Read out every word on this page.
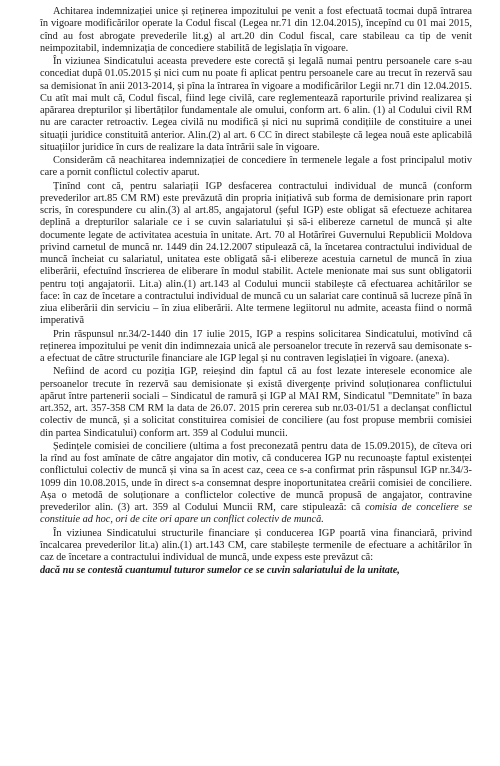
Achitarea indemnizației unice și reținerea impozitului pe venit a fost efectuată tocmai după întrarea în vigoare modificărilor operate la Codul fiscal (Legea nr.71 din 12.04.2015), începînd cu 01 mai 2015, cînd au fost abrogate prevederile lit.g) al art.20 din Codul fiscal, care stabileau ca tip de venit neimpozitabil, indemnizația de concediere stabilită de legislația în vigoare.

În viziunea Sindicatului aceasta prevedere este corectă și legală numai pentru persoanele care s-au concediat după 01.05.2015 și nici cum nu poate fi aplicat pentru persoanele care au trecut în rezervă sau sa demisionat în anii 2013-2014, și pîna la întrarea în vigoare a modificărilor Legii nr.71 din 12.04.2015. Cu atît mai mult că, Codul fiscal, fiind lege civilă, care reglementează raporturile privind realizarea și apărarea drepturilor și libertăților fundamentale ale omului, conform art. 6 alin. (1) al Codului civil RM nu are caracter retroactiv. Legea civilă nu modifică și nici nu suprimă condițiile de constituire a unei situații juridice constituită anterior. Alin.(2) al art. 6 CC în direct stabilește că legea nouă este aplicabilă situațiilor juridice în curs de realizare la data întrării sale în vigoare.

Considerăm că neachitarea indemnizației de concediere în termenele legale a fost principalul motiv care a pornit conflictul colectiv aparut.

Ținînd cont că, pentru salariații IGP desfacerea contractului individual de muncă (conform prevederilor art.85 CM RM) este prevăzută din propria inițiativă sub forma de demisionare prin raport scris, în corespundere cu alin.(3) al art.85, angajatorul (șeful IGP) este obligat să efectueze achitarea deplină a drepturilor salariale ce i se cuvin salariatului și să-i elibereze carnetul de muncă și alte documente legate de activitatea acestuia în unitate. Art. 70 al Hotărîrei Guvernului Republicii Moldova privind carnetul de muncă nr. 1449 din 24.12.2007 stipulează că, la încetarea contractului individual de muncă încheiat cu salariatul, unitatea este obligată să-i elibereze acestuia carnetul de muncă în ziua eliberării, efectuînd înscrierea de eliberare în modul stabilit. Actele menionate mai sus sunt obligatorii pentru toți angajatorii. Lit.a) alin.(1) art.143 al Codului muncii stabilește că efectuarea achitărilor se face: în caz de încetare a contractului individual de muncă cu un salariat care continuă să lucreze pînă în ziua eliberării din serviciu – în ziua eliberării. Alte termene legiitorul nu admite, aceasta fiind o normă imperativă

Prin răspunsul nr.34/2-1440 din 17 iulie 2015, IGP a respins solicitarea Sindicatului, motivînd că reținerea impozitului pe venit din indimnezaia unică ale persoanelor trecute în rezervă sau demisonate s-a efectuat de către structurile financiare ale IGP legal și nu contraven legislației în vigoare. (anexa).

Nefiind de acord cu poziția IGP, reieșind din faptul că au fost lezate interesele economice ale persoanelor trecute în rezervă sau demisionate și există divergențe privind soluționarea conflictului apărut între partenerii sociali – Sindicatul de ramură și IGP al MAI RM, Sindicatul "Demnitate" în baza art.352, art. 357-358 CM RM la data de 26.07. 2015 prin cererea sub nr.03-01/51 a declanșat conflictul colectiv de muncă, și a solicitat constituirea comisiei de conciliere (au fost propuse membrii comisiei din partea Sindicatului) conform art. 359 al Codului muncii.

Ședințele comisiei de conciliere (ultima a fost preconezată pentru data de 15.09.2015), de cîteva ori la rînd au fost amînate de către angajator din motiv, că conducerea IGP nu recunoaște faptul existenței conflictului colectiv de muncă și vina sa în acest caz, ceea ce s-a confirmat prin răspunsul IGP nr.34/3-1099 din 10.08.2015, unde în direct s-a consemnat despre inoportunitatea creării comisiei de conciliere. Așa o metodă de soluționare a conflictelor colective de muncă propusă de angajator, contravine prevederilor alin. (3) art. 359 al Codului Muncii RM, care stipulează: că comisia de conceliere se constituie ad hoc, ori de cite ori apare un conflict colectiv de muncă.

În viziunea Sindicatului structurile financiare și conducerea IGP poartă vina financiară, privind încalcarea prevederilor lit.a) alin.(1) art.143 CM, care stabilește termenile de efectuare a achitărilor în caz de încetare a contractului individual de muncă, unde expess este prevăzut că:

dacă nu se contestă cuantumul tuturor sumelor ce se cuvin salariatului de la unitate,
